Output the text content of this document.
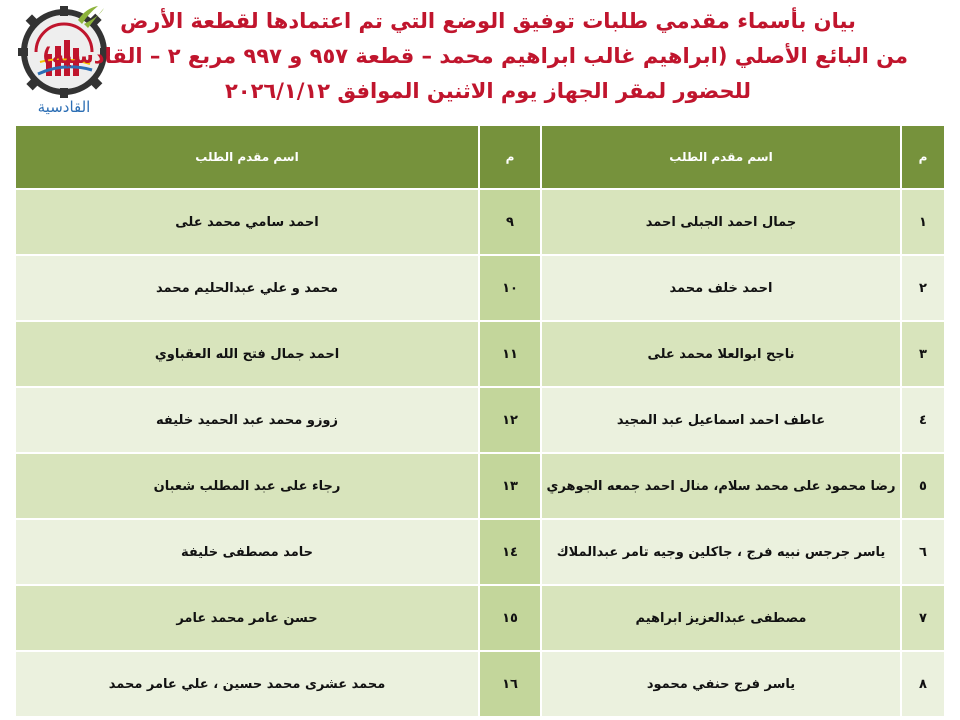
القادسية
بيان بأسماء مقدمي طلبات توفيق الوضع التي تم اعتمادها لقطعة الأرض
من البائع الأصلي (ابراهيم غالب ابراهيم محمد – قطعة ٩٥٧ و ٩٩٧ مربع ٢ – القادسية)
للحضور لمقر الجهاز يوم الاثنين الموافق ٢٠٢٦/١/١٢
م	اسم مقدم الطلب	م	اسم مقدم الطلب
١	جمال احمد الجبلى احمد	٩	احمد سامي محمد على
٢	احمد خلف محمد	١٠	محمد و علي عبدالحليم محمد
٣	ناجح ابوالعلا محمد على	١١	احمد جمال فتح الله العقباوي
٤	عاطف احمد اسماعيل عبد المجيد	١٢	زوزو محمد عبد الحميد خليفه
٥	رضا محمود على محمد سلام، منال احمد جمعه الجوهري	١٣	رجاء على عبد المطلب شعبان
٦	ياسر جرجس نبيه فرج ، جاكلين وجيه تامر عبدالملاك	١٤	حامد مصطفى خليفة
٧	مصطفى عبدالعزيز ابراهيم	١٥	حسن عامر محمد عامر
٨	ياسر فرج حنفي محمود	١٦	محمد عشرى محمد حسين ، علي عامر محمد
